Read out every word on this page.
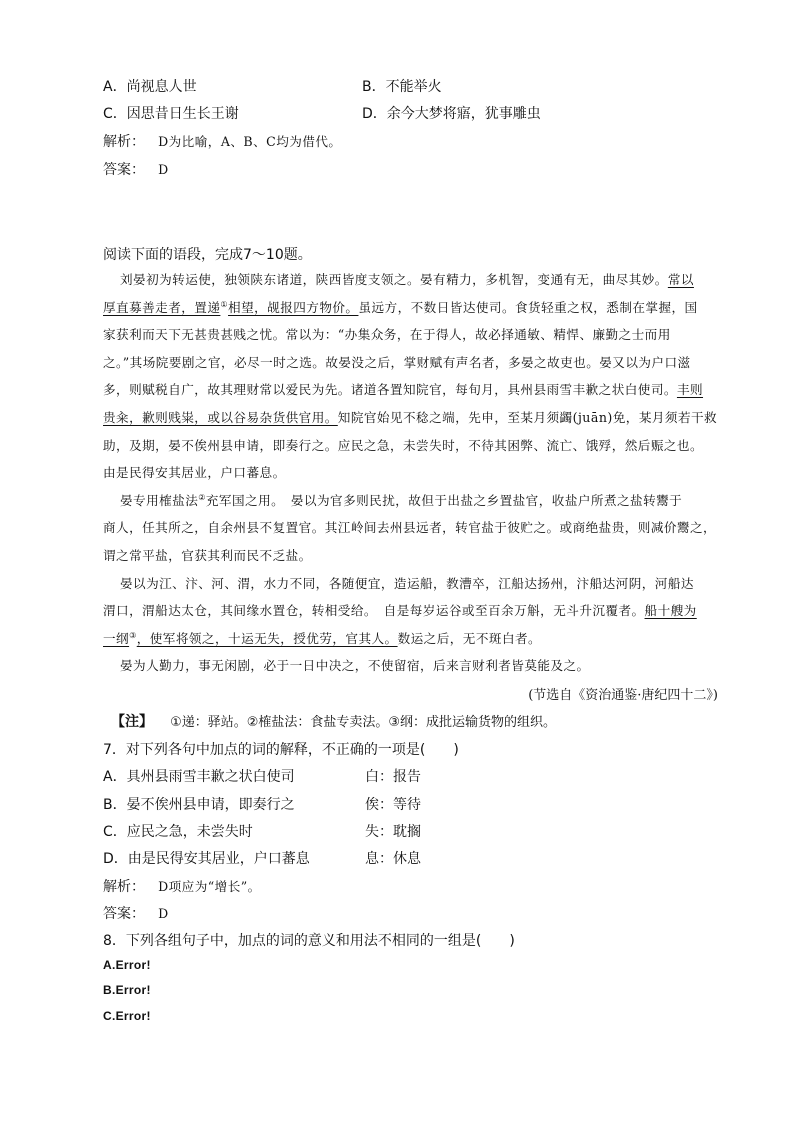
A．尚视息人世	B．不能举火
C．因思昔日生长王谢	D．余今大梦将寤，犹事雕虫
解析： D为比喻，A、B、C均为借代。
答案： D
阅读下面的语段，完成7～10题。
刘晏初为转运使，独领陕东诸道，陕西皆度支领之。晏有精力，多机智，变通有无，曲尽其妙。常以
厚直募善走者，置递①相望，觇报四方物价。虽远方，不数日皆达使司。食货轻重之权，悉制在掌握，国
家获利而天下无甚贵甚贱之忧。常以为：“办集众务，在于得人，故必择通敏、精悍、廉勤之士而用
之。”其场院要剧之官，必尽一时之选。故晏没之后，掌财赋有声名者，多晏之故吏也。晏又以为户口滋
多，则赋税自广，故其理财常以爱民为先。诸道各置知院官，每旬月，具州县雨雪丰歉之状白使司。丰则
贵籴，歉则贱粜，或以谷易杂货供官用。知院官始见不稔之端，先申，至某月须蠲(juān)免，某月须若干救
助，及期，晏不俟州县申请，即奏行之。应民之急，未尝失时，不待其困弊、流亡、饿殍，然后赈之也。
由是民得安其居业，户口蕃息。
晏专用榷盐法②充军国之用。　晏以为官多则民扰，故但于出盐之乡置盐官，收盐户所煮之盐转鬻于
商人，任其所之，自余州县不复置官。其江岭间去州县远者，转官盐于彼贮之。或商绝盐贵，则减价鬻之，
谓之常平盐，官获其利而民不乏盐。
晏以为江、汴、河、渭，水力不同，各随便宜，造运船，教漕卒，江船达扬州，汴船达河阴，河船达
渭口，渭船达太仓，其间缘水置仓，转相受给。　自是每岁运谷或至百余万斛，无斗升沉覆者。船十艘为
一纲③，使军将领之，十运无失，授优劳，官其人。数运之后，无不斑白者。
晏为人勤力，事无闲剧，必于一日中决之，不使留宿，后来言财利者皆莫能及之。
(节选自《资治通鉴·唐纪四十二》)
【注】 ①递：驿站。②榷盐法：食盐专卖法。③纲：成批运输货物的组织。
7．对下列各句中加点的词的解释，不正确的一项是(　　)
A．具州县雨雪丰歉之状白使司	白：报告
B．晏不俟州县申请，即奏行之	俟：等待
C．应民之急，未尝失时	失：耽搁
D．由是民得安其居业，户口蕃息	息：休息
解析： D项应为“增长”。
答案： D
8．下列各组句子中，加点的词的意义和用法不相同的一组是(　　)
A.Error!
B.Error!
C.Error!
